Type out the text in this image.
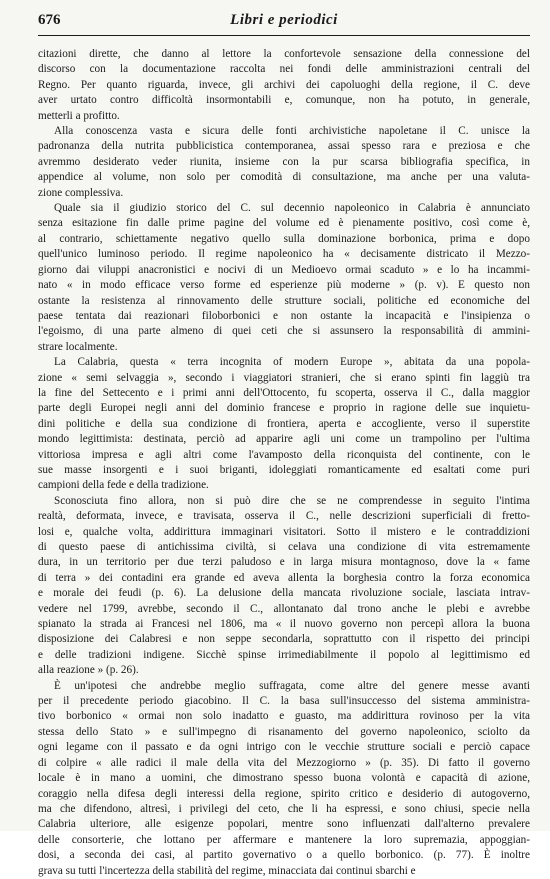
676	Libri e periodici
citazioni dirette, che danno al lettore la confortevole sensazione della connessione del
discorso con la documentazione raccolta nei fondi delle amministrazioni centrali del
Regno. Per quanto riguarda, invece, gli archivi dei capoluoghi della regione, il C. deve
aver urtato contro difficoltà insormontabili e, comunque, non ha potuto, in generale,
metterli a profitto.
Alla conoscenza vasta e sicura delle fonti archivistiche napoletane il C. unisce la
padronanza della nutrita pubblicistica contemporanea, assai spesso rara e preziosa e che
avremmo desiderato veder riunita, insieme con la pur scarsa bibliografia specifica, in
appendice al volume, non solo per comodità di consultazione, ma anche per una valuta-
zione complessiva.
Quale sia il giudizio storico del C. sul decennio napoleonico in Calabria è annunciato
senza esitazione fin dalle prime pagine del volume ed è pienamente positivo, così come è,
al contrario, schiettamente negativo quello sulla dominazione borbonica, prima e dopo
quell'unico luminoso periodo. Il regime napoleonico ha « decisamente districato il Mezzo-
giorno dai viluppi anacronistici e nocivi di un Medioevo ormai scaduto » e lo ha incammi-
nato « in modo efficace verso forme ed esperienze più moderne » (p. v). E questo non
ostante la resistenza al rinnovamento delle strutture sociali, politiche ed economiche del
paese tentata dai reazionari filoborbonici e non ostante la incapacità e l'insipienza o
l'egoismo, di una parte almeno di quei ceti che si assunsero la responsabilità di ammini-
strare localmente.
La Calabria, questa « terra incognita of modern Europe », abitata da una popola-
zione « semi selvaggia », secondo i viaggiatori stranieri, che si erano spinti fin laggiù tra
la fine del Settecento e i primi anni dell'Ottocento, fu scoperta, osserva il C., dalla maggior
parte degli Europei negli anni del dominio francese e proprio in ragione delle sue inquietu-
dini politiche e della sua condizione di frontiera, aperta e accogliente, verso il superstite
mondo legittimista: destinata, perciò ad apparire agli uni come un trampolino per l'ultima
vittoriosa impresa e agli altri come l'avamposto della riconquista del continente, con le
sue masse insorgenti e i suoi briganti, idoleggiati romanticamente ed esaltati come puri
campioni della fede e della tradizione.
Sconosciuta fino allora, non si può dire che se ne comprendesse in seguito l'intima
realtà, deformata, invece, e travisata, osserva il C., nelle descrizioni superficiali di fretto-
losi e, qualche volta, addirittura immaginari visitatori. Sotto il mistero e le contraddizioni
di questo paese di antichissima civiltà, si celava una condizione di vita estremamente
dura, in un territorio per due terzi paludoso e in larga misura montagnoso, dove la « fame
di terra » dei contadini era grande ed aveva allenta la borghesia contro la forza economica
e morale dei feudi (p. 6). La delusione della mancata rivoluzione sociale, lasciata intrav-
vedere nel 1799, avrebbe, secondo il C., allontanato dal trono anche le plebi e avrebbe
spianato la strada ai Francesi nel 1806, ma « il nuovo governo non percepì allora la buona
disposizione dei Calabresi e non seppe secondarla, soprattutto con il rispetto dei principi
e delle tradizioni indigene. Sicchè spinse irrimediabilmente il popolo al legittimismo ed
alla reazione » (p. 26).
È un'ipotesi che andrebbe meglio suffragata, come altre del genere messe avanti
per il precedente periodo giacobino. Il C. la basa sull'insuccesso del sistema amministra-
tivo borbonico « ormai non solo inadatto e guasto, ma addirittura rovinoso per la vita
stessa dello Stato » e sull'impegno di risanamento del governo napoleonico, sciolto da
ogni legame con il passato e da ogni intrigo con le vecchie strutture sociali e perciò capace
di colpire « alle radici il male della vita del Mezzogiorno » (p. 35). Di fatto il governo
locale è in mano a uomini, che dimostrano spesso buona volontà e capacità di azione,
coraggio nella difesa degli interessi della regione, spirito critico e desiderio di autogoverno,
ma che difendono, altresì, i privilegi del ceto, che li ha espressi, e sono chiusi, specie nella
Calabria ulteriore, alle esigenze popolari, mentre sono influenzati dall'alterno prevalere
delle consorterie, che lottano per affermare e mantenere la loro supremazia, appoggian-
dosi, a seconda dei casi, al partito governativo o a quello borbonico. (p. 77). È inoltre
grava su tutti l'incertezza della stabilità del regime, minacciata dai continui sbarchi e
